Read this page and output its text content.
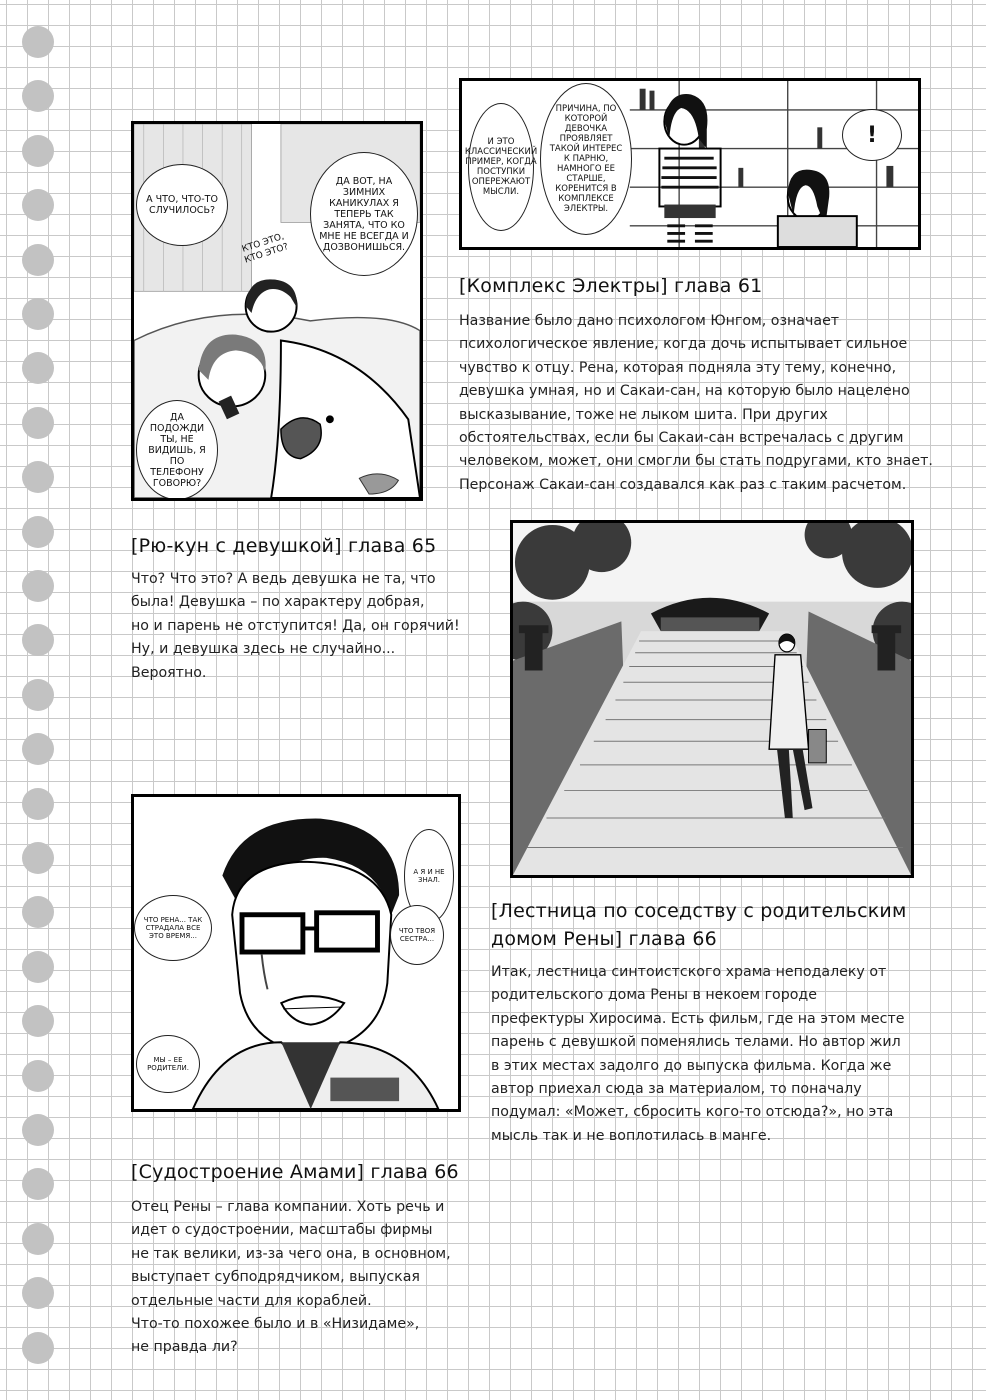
И ЭТО КЛАССИЧЕСКИЙ ПРИМЕР, КОГДА ПОСТУПКИ ОПЕРЕЖАЮТ МЫСЛИ.
ПРИЧИНА, ПО КОТОРОЙ ДЕВОЧКА ПРОЯВЛЯЕТ ТАКОЙ ИНТЕРЕС К ПАРНЮ, НАМНОГО ЕЕ СТАРШЕ, КОРЕНИТСЯ В КОМПЛЕКСЕ ЭЛЕКТРЫ.
!
А ЧТО, ЧТО-ТО СЛУЧИЛОСЬ?
ДА ВОТ, НА ЗИМНИХ КАНИКУЛАХ Я ТЕПЕРЬ ТАК ЗАНЯТА, ЧТО КО МНЕ НЕ ВСЕГДА И ДОЗВОНИШЬСЯ.
КТО ЭТО, КТО ЭТО?
ДА ПОДОЖДИ ТЫ, НЕ ВИДИШЬ, Я ПО ТЕЛЕФОНУ ГОВОРЮ?
ЧТО РЕНА... ТАК СТРАДАЛА ВСЕ ЭТО ВРЕМЯ...
А Я И НЕ ЗНАЛ.
ЧТО ТВОЯ СЕСТРА...
МЫ – ЕЕ РОДИТЕЛИ.
[Комплекс Электры] глава 61
Название было дано психологом Юнгом, означает
психологическое явление, когда дочь испытывает сильное
чувство к отцу. Рена, которая подняла эту тему, конечно,
девушка умная, но и Сакаи-сан, на которую было нацелено
высказывание, тоже не лыком шита. При других
обстоятельствах, если бы Сакаи-сан встречалась с другим
человеком, может, они смогли бы стать подругами, кто знает.
Персонаж Сакаи-сан создавался как раз с таким расчетом.
[Рю-кун с девушкой] глава 65
Что? Что это? А ведь девушка не та, что
была! Девушка – по характеру добрая,
но и парень не отступится! Да, он горячий!
Ну, и девушка здесь не случайно...
Вероятно.
[Лестница по соседству с родительским
домом Рены] глава 66
Итак, лестница синтоистского храма неподалеку от
родительского дома Рены в некоем городе
префектуры Хиросима. Есть фильм, где на этом месте
парень с девушкой поменялись телами. Но автор жил
в этих местах задолго до выпуска фильма. Когда же
автор приехал сюда за материалом, то поначалу
подумал: «Может, сбросить кого-то отсюда?», но эта
мысль так и не воплотилась в манге.
[Судостроение Амами] глава 66
Отец Рены – глава компании. Хоть речь и
идет о судостроении, масштабы фирмы
не так велики, из-за чего она, в основном,
выступает субподрядчиком, выпуская
отдельные части для кораблей.
Что-то похожее было и в «Низидаме»,
не правда ли?
